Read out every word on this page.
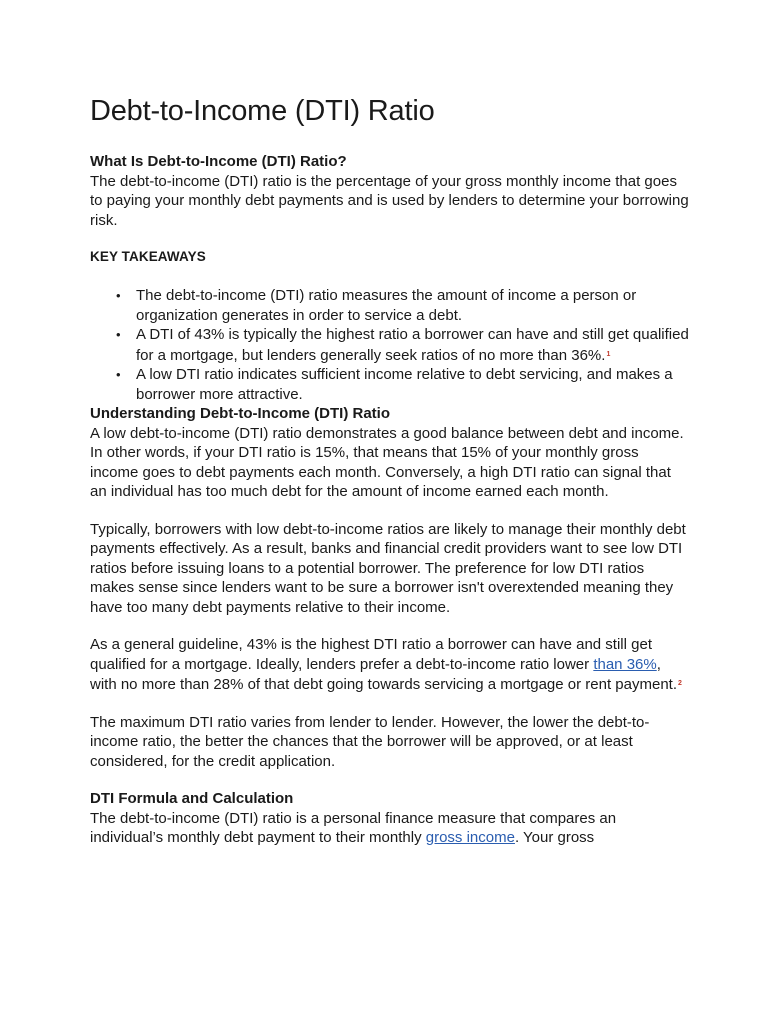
Debt-to-Income (DTI) Ratio

What Is Debt-to-Income (DTI) Ratio?

The debt-to-income (DTI) ratio is the percentage of your gross monthly income that goes to paying your monthly debt payments and is used by lenders to determine your borrowing risk.

KEY TAKEAWAYS

• The debt-to-income (DTI) ratio measures the amount of income a person or organization generates in order to service a debt.
• A DTI of 43% is typically the highest ratio a borrower can have and still get qualified for a mortgage, but lenders generally seek ratios of no more than 36%.$^1$
• A low DTI ratio indicates sufficient income relative to debt servicing, and makes a borrower more attractive.

Understanding Debt-to-Income (DTI) Ratio

A low debt-to-income (DTI) ratio demonstrates a good balance between debt and income. In other words, if your DTI ratio is 15%, that means that 15% of your monthly gross income goes to debt payments each month. Conversely, a high DTI ratio can signal that an individual has too much debt for the amount of income earned each month.

Typically, borrowers with low debt-to-income ratios are likely to manage their monthly debt payments effectively. As a result, banks and financial credit providers want to see low DTI ratios before issuing loans to a potential borrower. The preference for low DTI ratios makes sense since lenders want to be sure a borrower isn't overextended meaning they have too many debt payments relative to their income.

As a general guideline, 43% is the highest DTI ratio a borrower can have and still get qualified for a mortgage. Ideally, lenders prefer a debt-to-income ratio lower than 36%, with no more than 28% of that debt going towards servicing a mortgage or rent payment.$^2$

The maximum DTI ratio varies from lender to lender. However, the lower the debt-to-income ratio, the better the chances that the borrower will be approved, or at least considered, for the credit application.

DTI Formula and Calculation

The debt-to-income (DTI) ratio is a personal finance measure that compares an individual’s monthly debt payment to their monthly gross income. Your gross
